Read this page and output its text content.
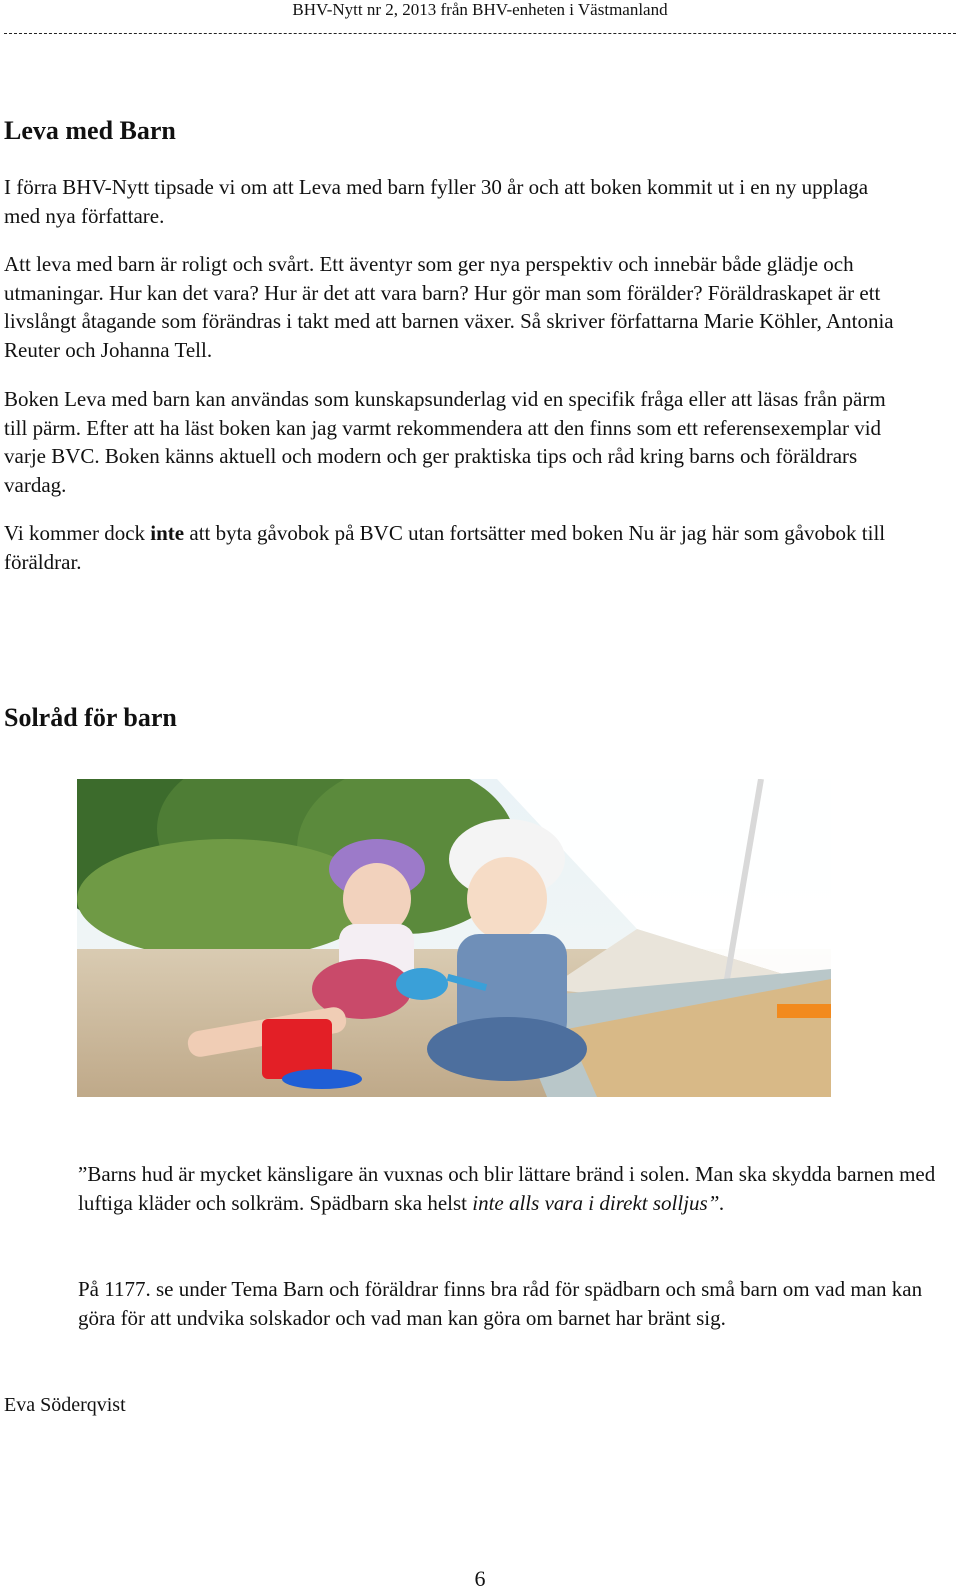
BHV-Nytt nr 2, 2013 från BHV-enheten i Västmanland
Leva med Barn

I förra BHV-Nytt tipsade vi om att Leva med barn fyller 30 år och att boken kommit ut i en ny upplaga med nya författare.

Att leva med barn är roligt och svårt. Ett äventyr som ger nya perspektiv och innebär både glädje och utmaningar. Hur kan det vara? Hur är det att vara barn? Hur gör man som förälder? Föräldraskapet är ett livslångt åtagande som förändras i takt med att barnen växer. Så skriver författarna Marie Köhler, Antonia Reuter och Johanna Tell.

Boken Leva med barn kan användas som kunskapsunderlag vid en specifik fråga eller att läsas från pärm till pärm. Efter att ha läst boken kan jag varmt rekommendera att den finns som ett referensexemplar vid varje BVC. Boken känns aktuell och modern och ger praktiska tips och råd kring barns och föräldrars vardag.

Vi kommer dock inte att byta gåvobok på BVC utan fortsätter med boken Nu är jag här som gåvobok till föräldrar.

Solråd för barn

”Barns hud är mycket känsligare än vuxnas och blir lättare bränd i solen. Man ska skydda barnen med luftiga kläder och solkräm. Spädbarn ska helst inte alls vara i direkt solljus”.

På 1177. se under Tema Barn och föräldrar finns bra råd för spädbarn och små barn om vad man kan göra för att undvika solskador och vad man kan göra om barnet har bränt sig.

Eva Söderqvist

6
